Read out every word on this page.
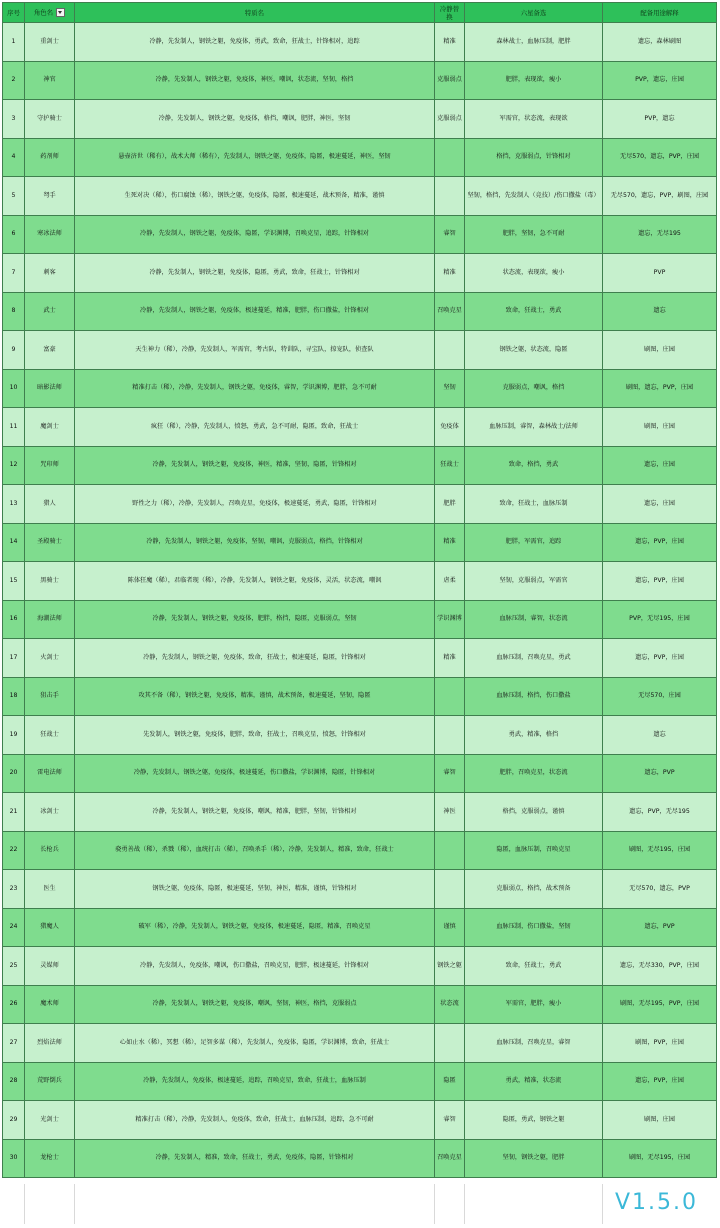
序号	角色名	特质名	冷静替换	六星备选	配备用途解释
1	重剑士	冷静，先发制人，钢铁之躯，免疫体，勇武，致命，狂战士，针锋相对，追踪	精准	森林战士，血脉压制，肥胖	遗忘，森林刷图
2	神官	冷静，先发制人，钢铁之躯，免疫体，神医，嘲讽，状态流，坚韧，格挡	克服弱点	肥胖，表现欲，瘦小	PVP，遗忘，庄园
3	守护骑士	冷静，先发制人，钢铁之躯，免疫体，格挡，嘲讽，肥胖，神医，坚韧	克服弱点	军需官，状态流，表现欲	PVP，遗忘
4	药剂师	悬壶济世（稀有），战术大师（稀有），先发制人，钢铁之躯，免疫体，隐匿，极速蔓延，神医，坚韧		格挡，克服弱点，针锋相对	无尽570，遗忘，PVP，庄园
5	弩手	生死对决（稀），伤口腐蚀（稀），钢铁之躯，免疫体，隐匿，极速蔓延，战术预备，精准，谨慎		坚韧，格挡，先发制人（竞技）/伤口撒盐（毒）	无尽570，遗忘，PVP，刷图，庄园
6	寒冰法师	冷静，先发制人，钢铁之躯，免疫体，隐匿，学识渊博，召唤克星，追踪，针锋相对	睿智	肥胖，坚韧，急不可耐	遗忘，无尽195
7	刺客	冷静，先发制人，钢铁之躯，免疫体，隐匿，勇武，致命，狂战士，针锋相对	精准	状态流，表现欲，瘦小	PVP
8	武士	冷静，先发制人，钢铁之躯，免疫体，极速蔓延，精准，肥胖，伤口撒盐，针锋相对	召唤克星	致命，狂战士，勇武	遗忘
9	富豪	天生神力（稀），冷静，先发制人，军需官，考古队，特训队，寻宝队，掠宠队，侦查队		钢铁之躯，状态流，隐匿	刷图，庄园
10	暗影法师	精准打击（稀），冷静，先发制人，钢铁之躯，免疫体，睿智，学识渊博，肥胖，急不可耐	坚韧	克服弱点，嘲讽，格挡	刷图，遗忘，PVP，庄园
11	魔剑士	疯狂（稀），冷静，先发制人，愤怒，勇武，急不可耐，隐匿，致命，狂战士	免疫体	血脉压制，睿智，森林战士/法师	刷图，庄园
12	咒印师	冷静，先发制人，钢铁之躯，免疫体，神医，精准，坚韧，隐匿，针锋相对	狂战士	致命，格挡，勇武	遗忘，庄园
13	猎人	野性之力（稀），冷静，先发制人，召唤克星，免疫体，极速蔓延，勇武，隐匿，针锋相对	肥胖	致命，狂战士，血脉压制	遗忘，庄园
14	圣殿骑士	冷静，先发制人，钢铁之躯，免疫体，坚韧，嘲讽，克服弱点，格挡，针锋相对	精准	肥胖，军需官，追踪	遗忘，PVP，庄园
15	黑骑士	陈体狂魔（稀），君临者现（稀），冷静，先发制人，钢铁之躯，免疫体，灵活，状态流，嘲讽	虐柔	坚韧，克服弱点，军需官	遗忘，PVP，庄园
16	海潮法师	冷静，先发制人，钢铁之躯，免疫体，肥胖，格挡，隐匿，克服弱点，坚韧	学识渊博	血脉压制，睿智，状态流	PVP，无尽195，庄园
17	火剑士	冷静，先发制人，钢铁之躯，免疫体，致命，狂战士，极速蔓延，隐匿，针锋相对	精准	血脉压制，召唤克星，勇武	遗忘，PVP，庄园
18	狙击手	攻其不备（稀），钢铁之躯，免疫体，精准，谨慎，战术预备，极速蔓延，坚韧，隐匿		血脉压制，格挡，伤口撒盐	无尽570，庄园
19	狂战士	先发制人，钢铁之躯，免疫体，肥胖，致命，狂战士，召唤克星，愤怒，针锋相对		勇武，精准，格挡	遗忘
20	雷电法师	冷静，先发制人，钢铁之躯，免疫体，极速蔓延，伤口撒盐，学识渊博，隐匿，针锋相对	睿智	肥胖，召唤克星，状态流	遗忘，PVP
21	冰剑士	冷静，先发制人，钢铁之躯，免疫体，嘲讽，精准，肥胖，坚韧，针锋相对	神医	格挡，克服弱点，谨慎	遗忘，PVP，无尽195
22	长枪兵	骁勇善战（稀），杀戮（稀），血统打击（稀），召唤杀手（稀），冷静，先发制人，精准，致命，狂战士		隐匿，血脉压制，召唤克星	刷图，无尽195，庄园
23	医生	钢铁之躯，免疫体，隐匿，极速蔓延，坚韧，神医，精准，谨慎，针锋相对		克服弱点，格挡，战术预备	无尽570，遗忘，PVP
24	猎魔人	破军（稀），冷静，先发制人，钢铁之躯，免疫体，极速蔓延，隐匿，精准，召唤克星	谨慎	血脉压制，伤口撒盐，坚韧	遗忘，PVP
25	灵媒师	冷静，先发制人，免疫体，嘲讽，伤口撒盐，召唤克星，肥胖，极速蔓延，针锋相对	钢铁之躯	致命，狂战士，勇武	遗忘，无尽330，PVP，庄园
26	魔术师	冷静，先发制人，钢铁之躯，免疫体，嘲讽，坚韧，神医，格挡，克服弱点	状态流	军需官，肥胖，瘦小	刷图，无尽195，PVP，庄园
27	烈焰法师	心如止水（稀），冥想（稀），足智多谋（稀），先发制人，免疫体，隐匿，学识渊博，致命，狂战士		血脉压制，召唤克星，睿智	刷图，PVP，庄园
28	荒野倒兵	冷静，先发制人，免疫体，极速蔓延，追踪，召唤克星，致命，狂战士，血脉压制	隐匿	勇武，精准，状态流	遗忘，PVP，庄园
29	光剑士	精准打击（稀），冷静，先发制人，免疫体，致命，狂战士，血脉压制，追踪，急不可耐	睿智	隐匿，勇武，钢铁之躯	刷图，庄园
30	龙枪士	冷静，先发制人，精准，致命，狂战士，勇武，免疫体，隐匿，针锋相对	召唤克星	坚韧，钢铁之躯，肥胖	刷图，无尽195，庄园
V1.5.0
